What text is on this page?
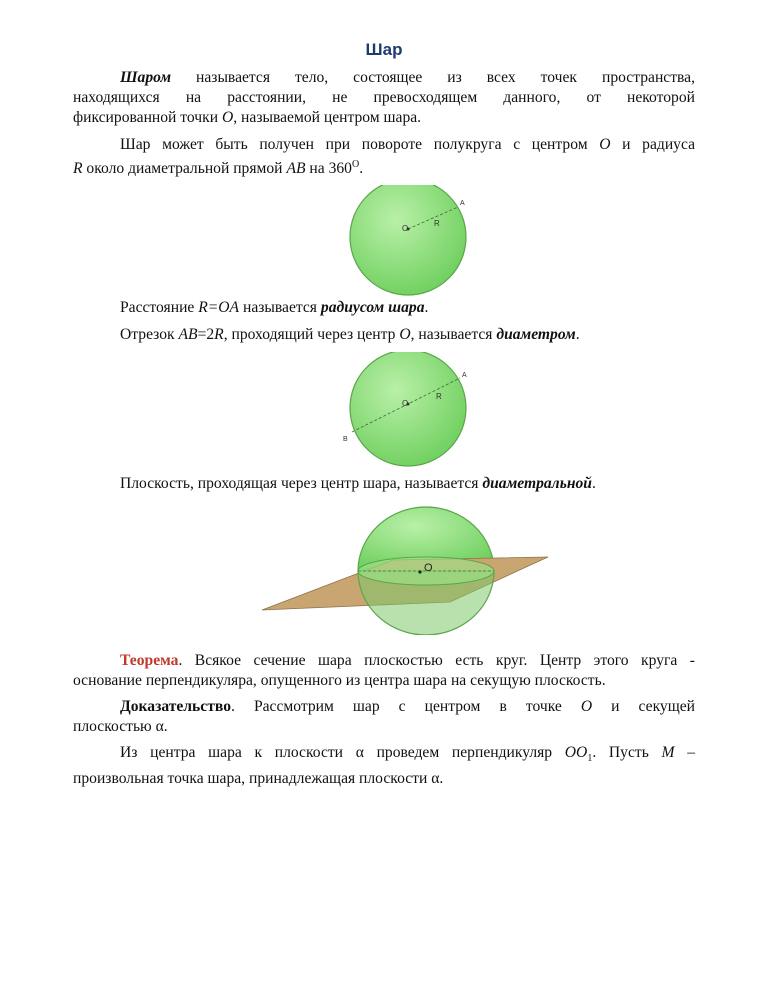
Шар
Шаром называется тело, состоящее из всех точек пространства,
находящихся на расстоянии, не превосходящем данного, от некоторой
фиксированной точки O, называемой центром шара.
Шар может быть получен при повороте полукруга с центром O и радиуса
R около диаметральной прямой AB на $360^O$.
O
R
A
Расстояние R=OA называется радиусом шара.
Отрезок AB=2R, проходящий через центр O, называется диаметром.
O
R
A
B
Плоскость, проходящая через центр шара, называется диаметральной.
O
Теорема. Всякое сечение шара плоскостью есть круг. Центр этого круга -
основание перпендикуляра, опущенного из центра шара на секущую плоскость.
Доказательство. Рассмотрим шар с центром в точке O и секущей
плоскостью α.
Из центра шара к плоскости α проведем перпендикуляр $OO_1$. Пусть M –
произвольная точка шара, принадлежащая плоскости α.
